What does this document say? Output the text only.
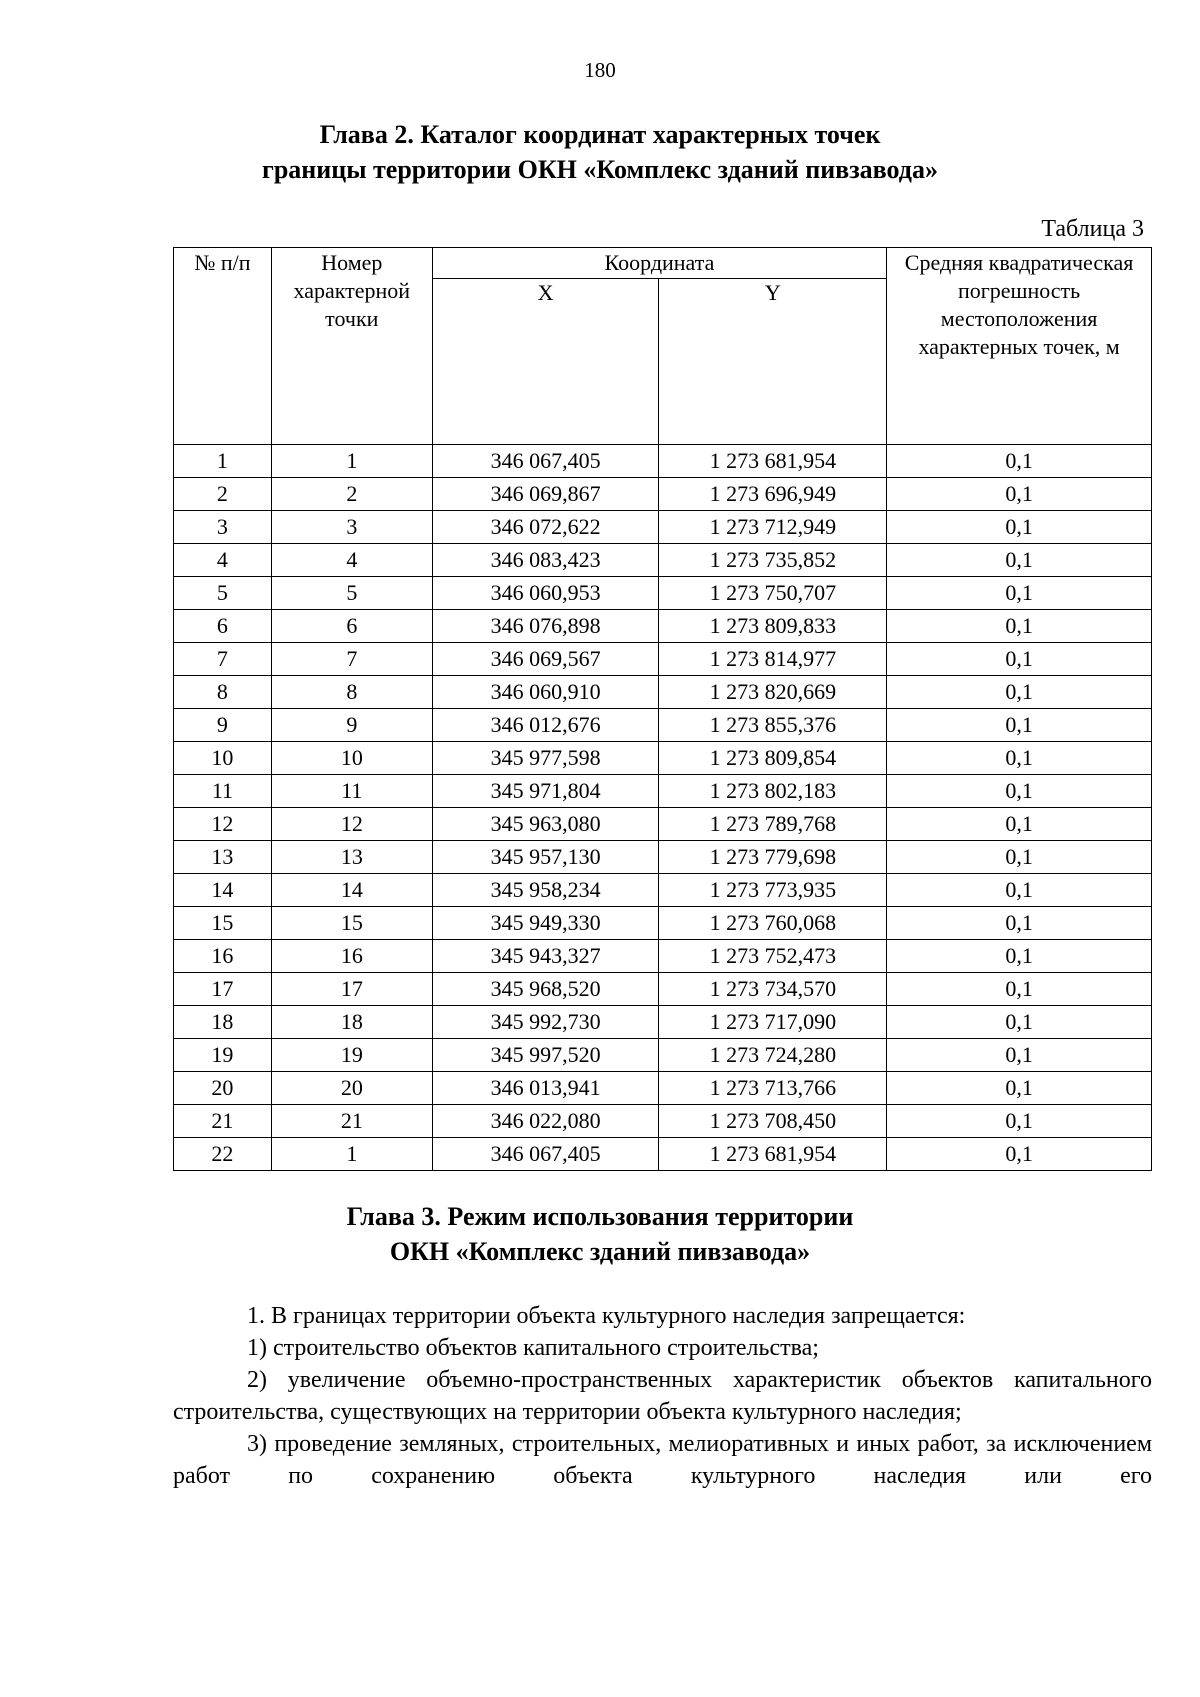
180
Глава 2. Каталог координат характерных точек
границы территории ОКН «Комплекс зданий пивзавода»
Таблица 3
№ п/п	Номер характерной точки	Координата		Средняя квадратическая погрешность местоположения характерных точек, м
		X	Y	
1	1	346 067,405	1 273 681,954	0,1
2	2	346 069,867	1 273 696,949	0,1
3	3	346 072,622	1 273 712,949	0,1
4	4	346 083,423	1 273 735,852	0,1
5	5	346 060,953	1 273 750,707	0,1
6	6	346 076,898	1 273 809,833	0,1
7	7	346 069,567	1 273 814,977	0,1
8	8	346 060,910	1 273 820,669	0,1
9	9	346 012,676	1 273 855,376	0,1
10	10	345 977,598	1 273 809,854	0,1
11	11	345 971,804	1 273 802,183	0,1
12	12	345 963,080	1 273 789,768	0,1
13	13	345 957,130	1 273 779,698	0,1
14	14	345 958,234	1 273 773,935	0,1
15	15	345 949,330	1 273 760,068	0,1
16	16	345 943,327	1 273 752,473	0,1
17	17	345 968,520	1 273 734,570	0,1
18	18	345 992,730	1 273 717,090	0,1
19	19	345 997,520	1 273 724,280	0,1
20	20	346 013,941	1 273 713,766	0,1
21	21	346 022,080	1 273 708,450	0,1
22	1	346 067,405	1 273 681,954	0,1
Глава 3. Режим использования территории
ОКН «Комплекс зданий пивзавода»

1. В границах территории объекта культурного наследия запрещается:

1) строительство объектов капитального строительства;

2) увеличение объемно-пространственных характеристик объектов капитального строительства, существующих на территории объекта культурного наследия;

3) проведение земляных, строительных, мелиоративных и иных работ, за исключением работ по сохранению объекта культурного наследия или его
